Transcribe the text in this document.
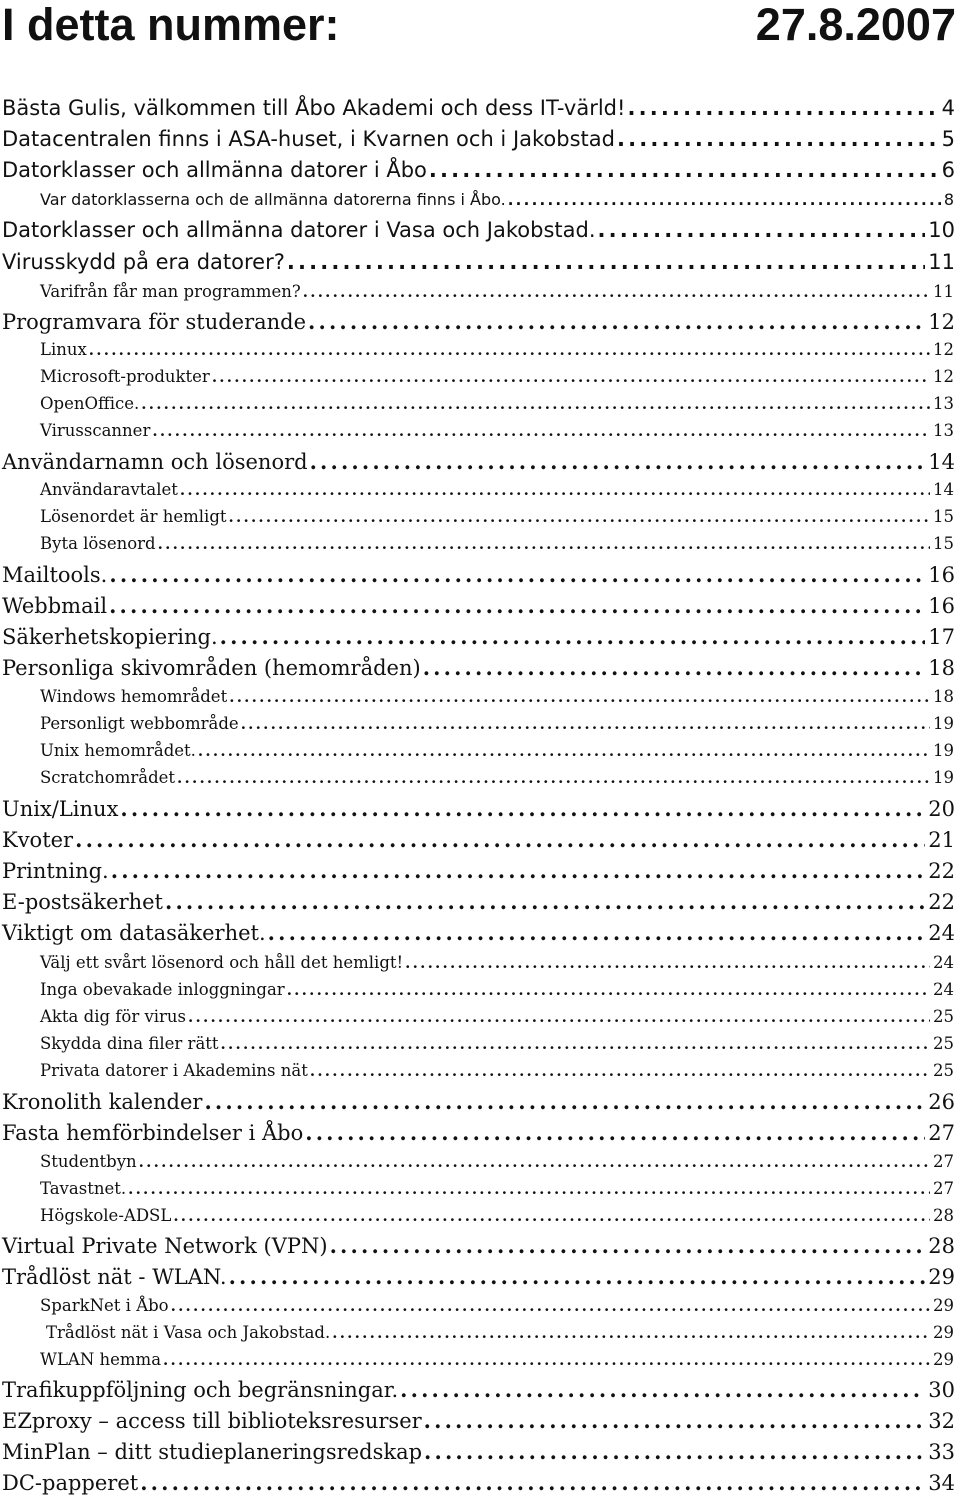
I detta nummer:	27.8.2007
Bästa Gulis, välkommen till Åbo Akademi och dess IT-värld! .....	4
Datacentralen finns i ASA-huset, i Kvarnen och i Jakobstad .....	5
Datorklasser och allmänna datorer i Åbo .....	6
Var datorklasserna och de allmänna datorerna finns i Åbo. .....	8
Datorklasser och allmänna datorer i Vasa och Jakobstad. .....	10
Virusskydd på era datorer? .....	11
Varifrån får man programmen? .....	11
Programvara för studerande .....	12
Linux .....	12
Microsoft-produkter .....	12
OpenOffice. .....	13
Virusscanner .....	13
Användarnamn och lösenord .....	14
Användaravtalet .....	14
Lösenordet är hemligt .....	15
Byta lösenord .....	15
Mailtools. .....	16
Webbmail .....	16
Säkerhetskopiering. .....	17
Personliga skivområden (hemområden) .....	18
Windows hemområdet .....	18
Personligt webbområde .....	19
Unix hemområdet. .....	19
Scratchområdet .....	19
Unix/Linux .....	20
Kvoter .....	21
Printning. .....	22
E-postsäkerhet .....	22
Viktigt om datasäkerhet. .....	24
Välj ett svårt lösenord och håll det hemligt! .....	24
Inga obevakade inloggningar .....	24
Akta dig för virus .....	25
Skydda dina filer rätt .....	25
Privata datorer i Akademins nät .....	25
Kronolith kalender .....	26
Fasta hemförbindelser i Åbo .....	27
Studentbyn .....	27
Tavastnet. .....	27
Högskole-ADSL .....	28
Virtual Private Network (VPN) .....	28
Trådlöst nät - WLAN. .....	29
SparkNet i Åbo .....	29
Trådlöst nät i Vasa och Jakobstad. .....	29
WLAN hemma .....	29
Trafikuppföljning och begränsningar. .....	30
EZproxy – access till biblioteksresurser .....	32
MinPlan – ditt studieplaneringsredskap .....	33
DC-papperet .....	34
